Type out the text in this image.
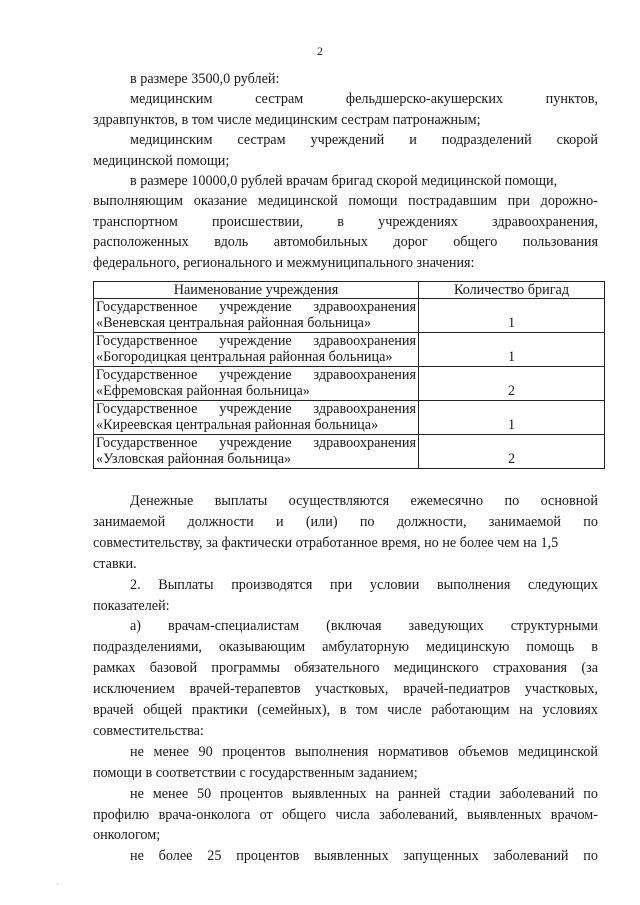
2
в размере 3500,0 рублей:
медицинским сестрам фельдшерско-акушерских пунктов,
здравпунктов, в том числе медицинским сестрам патронажным;
медицинским сестрам учреждений и подразделений скорой
медицинской помощи;
в размере 10000,0 рублей врачам бригад скорой медицинской помощи,
выполняющим оказание медицинской помощи пострадавшим при дорожно-
транспортном происшествии, в учреждениях здравоохранения,
расположенных вдоль автомобильных дорог общего пользования
федерального, регионального и межмуниципального значения:
Наименование учреждения	Количество бригад

Государственное учреждение здравоохранения
«Веневская центральная районная больница»	1

Государственное учреждение здравоохранения
«Богородицкая центральная районная больница»	1

Государственное учреждение здравоохранения
«Ефремовская районная больница»	2

Государственное учреждение здравоохранения
«Киреевская центральная районная больница»	1

Государственное учреждение здравоохранения
«Узловская районная больница»	2
Денежные выплаты осуществляются ежемесячно по основной
занимаемой должности и (или) по должности, занимаемой по
совместительству, за фактически отработанное время, но не более чем на 1,5
ставки.
2. Выплаты производятся при условии выполнения следующих
показателей:
а) врачам-специалистам (включая заведующих структурными
подразделениями, оказывающим амбулаторную медицинскую помощь в
рамках базовой программы обязательного медицинского страхования (за
исключением врачей-терапевтов участковых, врачей-педиатров участковых,
врачей общей практики (семейных), в том числе работающим на условиях
совместительства:
не менее 90 процентов выполнения нормативов объемов медицинской
помощи в соответствии с государственным заданием;
не менее 50 процентов выявленных на ранней стадии заболеваний по
профилю врача-онколога от общего числа заболеваний, выявленных врачом-
онкологом;
не более 25 процентов выявленных запущенных заболеваний по
·
